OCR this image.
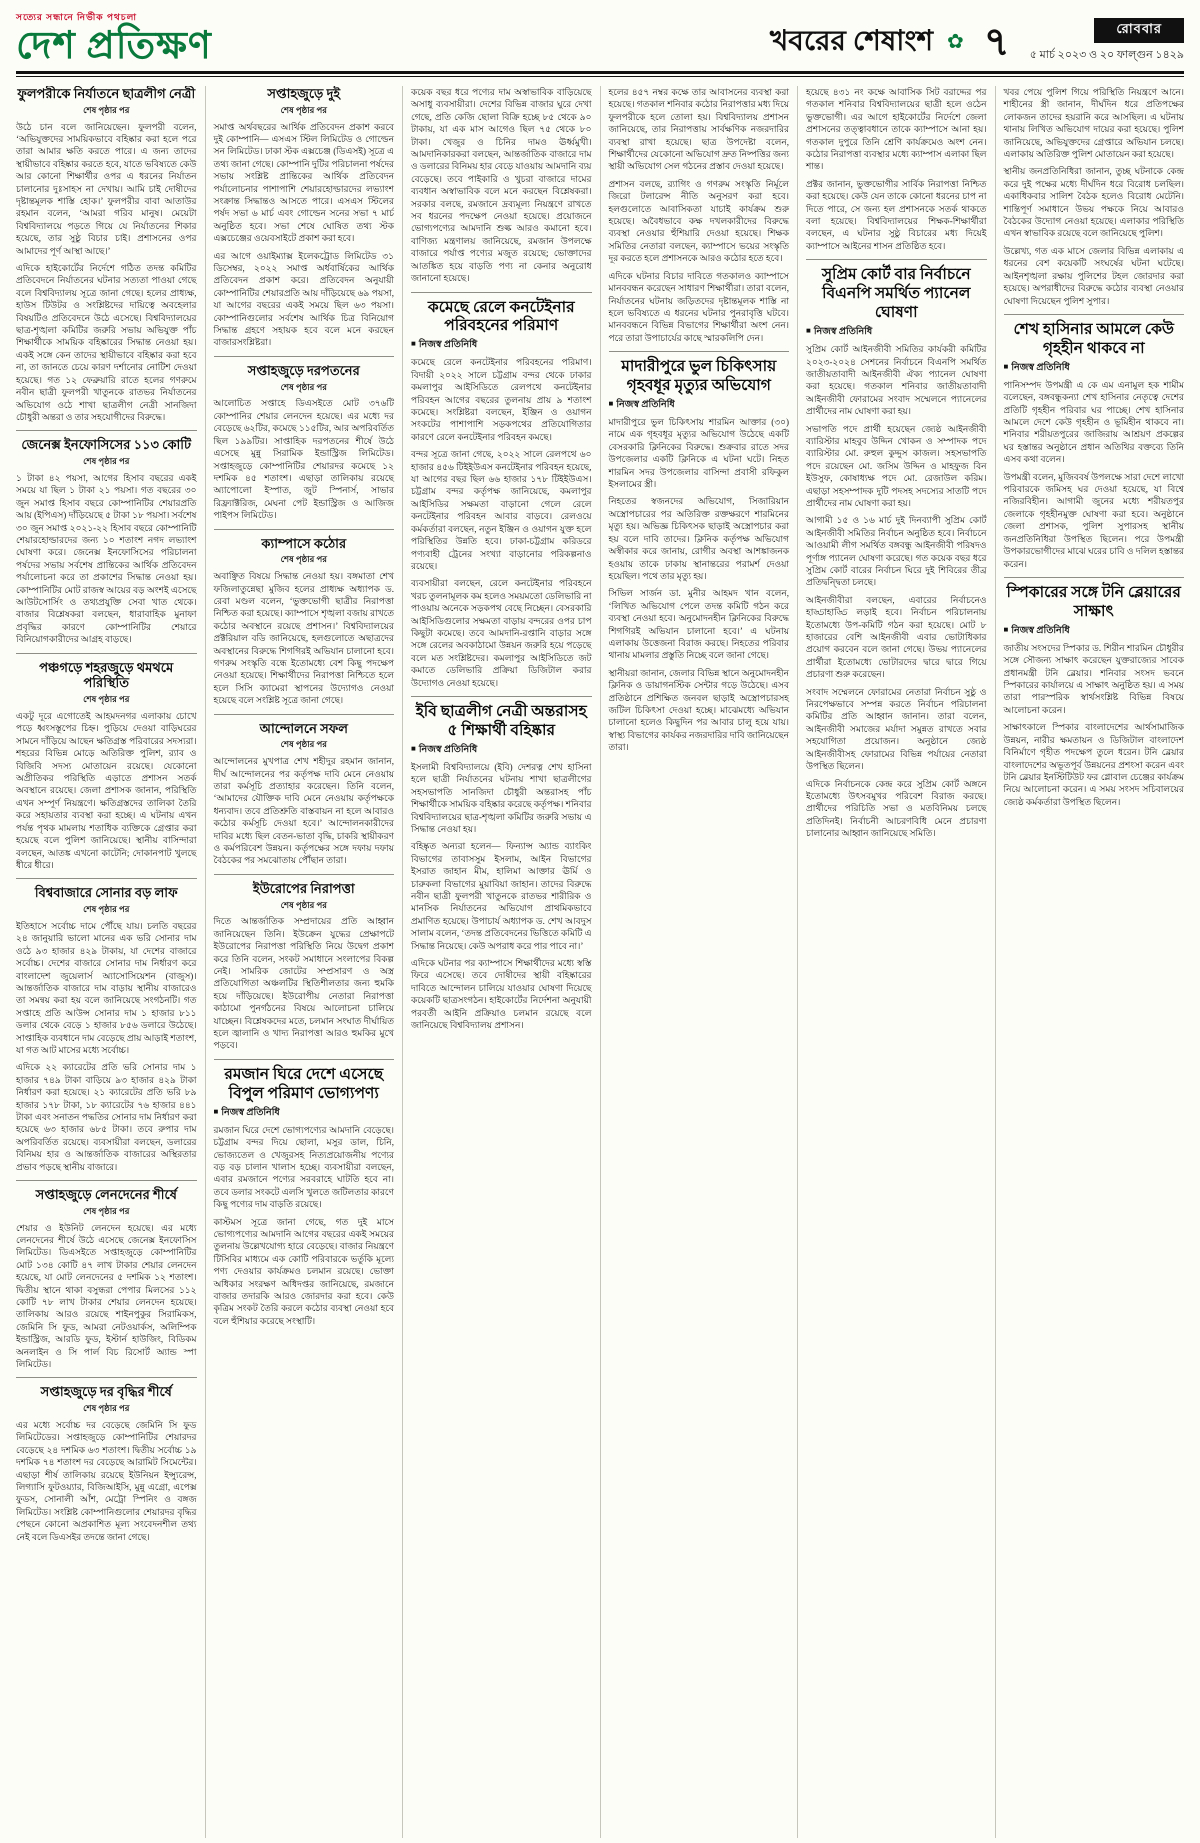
সত্যের সন্ধানে নির্ভীক পথচলা
দেশ প্রতিক্ষণ	খবরের শেষাংশ ✿ ৭	রোববার
৫ মার্চ ২০২৩ ও ২০ ফাল্গুন ১৪২৯
ফুলপরীকে নির্যাতনে ছাত্রলীগ নেত্রী
শেষ পৃষ্ঠার পর

উঠে চান বলে জানিয়েছেন। ফুলপরী বলেন, ‘অভিযুক্তদের সাময়িকভাবে বহিষ্কার করা হলে পরে তারা আমার ক্ষতি করতে পারে। এ জন্য তাদের স্থায়ীভাবে বহিষ্কার করতে হবে, যাতে ভবিষ্যতে কেউ আর কোনো শিক্ষার্থীর ওপর এ ধরনের নির্যাতন চালানোর দুঃসাহস না দেখায়। আমি চাই দোষীদের দৃষ্টান্তমূলক শাস্তি হোক।’ ফুলপরীর বাবা আতাউর রহমান বলেন, ‘আমরা গরিব মানুষ। মেয়েটা বিশ্ববিদ্যালয়ে পড়তে গিয়ে যে নির্যাতনের শিকার হয়েছে, তার সুষ্ঠু বিচার চাই। প্রশাসনের ওপর আমাদের পূর্ণ আস্থা আছে।’

এদিকে হাইকোর্টের নির্দেশে গঠিত তদন্ত কমিটির প্রতিবেদনে নির্যাতনের ঘটনার সত্যতা পাওয়া গেছে বলে বিশ্ববিদ্যালয় সূত্রে জানা গেছে। হলের প্রাধ্যক্ষ, হাউস টিউটর ও সংশ্লিষ্টদের দায়িত্বে অবহেলার বিষয়টিও প্রতিবেদনে উঠে এসেছে। বিশ্ববিদ্যালয়ের ছাত্র-শৃঙ্খলা কমিটির জরুরি সভায় অভিযুক্ত পাঁচ শিক্ষার্থীকে সাময়িক বহিষ্কারের সিদ্ধান্ত নেওয়া হয়। একই সঙ্গে কেন তাদের স্থায়ীভাবে বহিষ্কার করা হবে না, তা জানতে চেয়ে কারণ দর্শানোর নোটিশ দেওয়া হয়েছে। গত ১২ ফেব্রুয়ারি রাতে হলের গণরুমে নবীন ছাত্রী ফুলপরী খাতুনকে রাতভর নির্যাতনের অভিযোগ ওঠে শাখা ছাত্রলীগ নেত্রী সানজিদা চৌধুরী অন্তরা ও তার সহযোগীদের বিরুদ্ধে।

জেনেক্স ইনফোসিসের ১১৩ কোটি
শেষ পৃষ্ঠার পর

১ টাকা ৪২ পয়সা, আগের হিসাব বছরের একই সময়ে যা ছিল ১ টাকা ২১ পয়সা। গত বছরের ৩০ জুন সমাপ্ত হিসাব বছরে কোম্পানিটির শেয়ারপ্রতি আয় (ইপিএস) দাঁড়িয়েছে ৫ টাকা ১৮ পয়সা। সর্বশেষ ৩০ জুন সমাপ্ত ২০২১-২২ হিসাব বছরে কোম্পানিটি শেয়ারহোল্ডারদের জন্য ১০ শতাংশ নগদ লভ্যাংশ ঘোষণা করে। জেনেক্স ইনফোসিসের পরিচালনা পর্ষদের সভায় সর্বশেষ প্রান্তিকের আর্থিক প্রতিবেদন পর্যালোচনা করে তা প্রকাশের সিদ্ধান্ত নেওয়া হয়। কোম্পানিটির মোট রাজস্ব আয়ের বড় অংশই এসেছে আউটসোর্সিং ও তথ্যপ্রযুক্তি সেবা খাত থেকে। বাজার বিশ্লেষকরা বলছেন, ধারাবাহিক মুনাফা প্রবৃদ্ধির কারণে কোম্পানিটির শেয়ারে বিনিয়োগকারীদের আগ্রহ বাড়ছে।

পঞ্চগড়ে শহরজুড়ে থমথমে পরিস্থিতি
শেষ পৃষ্ঠার পর

একটু দূরে এগোতেই আহমদনগর এলাকায় চোখে পড়ে ধ্বংসস্তূপের চিহ্ন। পুড়িয়ে দেওয়া বাড়িঘরের সামনে দাঁড়িয়ে আছেন ক্ষতিগ্রস্ত পরিবারের সদস্যরা। শহরের বিভিন্ন মোড়ে অতিরিক্ত পুলিশ, র‍্যাব ও বিজিবি সদস্য মোতায়েন রয়েছে। যেকোনো অপ্রীতিকর পরিস্থিতি এড়াতে প্রশাসন সতর্ক অবস্থানে রয়েছে। জেলা প্রশাসক জানান, পরিস্থিতি এখন সম্পূর্ণ নিয়ন্ত্রণে। ক্ষতিগ্রস্তদের তালিকা তৈরি করে সহায়তার ব্যবস্থা করা হচ্ছে। এ ঘটনায় এখন পর্যন্ত পৃথক মামলায় শতাধিক ব্যক্তিকে গ্রেপ্তার করা হয়েছে বলে পুলিশ জানিয়েছে। স্থানীয় বাসিন্দারা বলছেন, আতঙ্ক এখনো কাটেনি; দোকানপাট খুলছে ধীরে ধীরে।

বিশ্ববাজারে সোনার বড় লাফ
শেষ পৃষ্ঠার পর

ইতিহাসে সর্বোচ্চ দামে পৌঁছে যায়। চলতি বছরের ২৪ জানুয়ারি ভালো মানের এক ভরি সোনার দাম ওঠে ৯৩ হাজার ৪২৯ টাকায়, যা দেশের বাজারে সর্বোচ্চ। দেশের বাজারে সোনার দাম নির্ধারণ করে বাংলাদেশ জুয়েলার্স অ্যাসোসিয়েশন (বাজুস)। আন্তর্জাতিক বাজারে দাম বাড়ায় স্থানীয় বাজারেও তা সমন্বয় করা হয় বলে জানিয়েছে সংগঠনটি। গত সপ্তাহে প্রতি আউন্স সোনার দাম ১ হাজার ৮১১ ডলার থেকে বেড়ে ১ হাজার ৮৫৬ ডলারে উঠেছে। সাপ্তাহিক ব্যবধানে দাম বেড়েছে প্রায় আড়াই শতাংশ, যা গত আট মাসের মধ্যে সর্বোচ্চ।

এদিকে ২২ ক্যারেটের প্রতি ভরি সোনার দাম ১ হাজার ৭৪৯ টাকা বাড়িয়ে ৯৩ হাজার ৪২৯ টাকা নির্ধারণ করা হয়েছে। ২১ ক্যারেটের প্রতি ভরি ৮৯ হাজার ১৭৮ টাকা, ১৮ ক্যারেটের ৭৬ হাজার ৪৪১ টাকা এবং সনাতন পদ্ধতির সোনার দাম নির্ধারণ করা হয়েছে ৬৩ হাজার ৬৮৫ টাকা। তবে রুপার দাম অপরিবর্তিত রয়েছে। ব্যবসায়ীরা বলছেন, ডলারের বিনিময় হার ও আন্তর্জাতিক বাজারের অস্থিরতার প্রভাব পড়ছে স্থানীয় বাজারে।

সপ্তাহজুড়ে লেনদেনের শীর্ষে
শেষ পৃষ্ঠার পর

শেয়ার ও ইউনিট লেনদেন হয়েছে। এর মধ্যে লেনদেনের শীর্ষে উঠে এসেছে জেনেক্স ইনফোসিস লিমিটেড। ডিএসইতে সপ্তাহজুড়ে কোম্পানিটির মোট ১৩৪ কোটি ৪৭ লাখ টাকার শেয়ার লেনদেন হয়েছে, যা মোট লেনদেনের ৫ দশমিক ১২ শতাংশ। দ্বিতীয় স্থানে থাকা বসুন্ধরা পেপার মিলসের ১১২ কোটি ৭৮ লাখ টাকার শেয়ার লেনদেন হয়েছে। তালিকায় আরও রয়েছে শাইনপুকুর সিরামিকস, জেমিনি সি ফুড, আমরা নেটওয়ার্কস, অলিম্পিক ইন্ডাস্ট্রিজ, আরডি ফুড, ইস্টার্ন হাউজিং, বিডিকম অনলাইন ও সি পার্ল বিচ রিসোর্ট অ্যান্ড স্পা লিমিটেড।

সপ্তাহজুড়ে দর বৃদ্ধির শীর্ষে
শেষ পৃষ্ঠার পর

এর মধ্যে সর্বোচ্চ দর বেড়েছে জেমিনি সি ফুড লিমিটেডের। সপ্তাহজুড়ে কোম্পানিটির শেয়ারদর বেড়েছে ২৪ দশমিক ৬৩ শতাংশ। দ্বিতীয় সর্বোচ্চ ১৯ দশমিক ৭৪ শতাংশ দর বেড়েছে আরামিট সিমেন্টের। এছাড়া শীর্ষ তালিকায় রয়েছে ইউনিয়ন ইন্স্যুরেন্স, লিগ্যাসি ফুটওয়্যার, বিজিআইসি, মুন্নু এগ্রো, এপেক্স ফুডস, সোনালী আঁশ, মেট্রো স্পিনিং ও বঙ্গজ লিমিটেড। সংশ্লিষ্ট কোম্পানিগুলোর শেয়ারদর বৃদ্ধির পেছনে কোনো অপ্রকাশিত মূল্য সংবেদনশীল তথ্য নেই বলে ডিএসইর তদন্তে জানা গেছে।

সপ্তাহজুড়ে দুই
শেষ পৃষ্ঠার পর

সমাপ্ত অর্থবছরের আর্থিক প্রতিবেদন প্রকাশ করবে দুই কোম্পানি— এসএস স্টিল লিমিটেড ও গোল্ডেন সন লিমিটেড। ঢাকা স্টক এক্সচেঞ্জ (ডিএসই) সূত্রে এ তথ্য জানা গেছে। কোম্পানি দুটির পরিচালনা পর্ষদের সভায় সংশ্লিষ্ট প্রান্তিকের আর্থিক প্রতিবেদন পর্যালোচনার পাশাপাশি শেয়ারহোল্ডারদের লভ্যাংশ সংক্রান্ত সিদ্ধান্তও আসতে পারে। এসএস স্টিলের পর্ষদ সভা ৬ মার্চ এবং গোল্ডেন সনের সভা ৭ মার্চ অনুষ্ঠিত হবে। সভা শেষে ঘোষিত তথ্য স্টক এক্সচেঞ্জের ওয়েবসাইটে প্রকাশ করা হবে।

এর আগে ওয়াইম্যাক্স ইলেকট্রোড লিমিটেড ৩১ ডিসেম্বর, ২০২২ সমাপ্ত অর্ধবার্ষিকের আর্থিক প্রতিবেদন প্রকাশ করে। প্রতিবেদন অনুযায়ী কোম্পানিটির শেয়ারপ্রতি আয় দাঁড়িয়েছে ৬৯ পয়সা, যা আগের বছরের একই সময়ে ছিল ৬৩ পয়সা। কোম্পানিগুলোর সর্বশেষ আর্থিক চিত্র বিনিয়োগ সিদ্ধান্ত গ্রহণে সহায়ক হবে বলে মনে করছেন বাজারসংশ্লিষ্টরা।

সপ্তাহজুড়ে দরপতনের
শেষ পৃষ্ঠার পর

আলোচিত সপ্তাহে ডিএসইতে মোট ৩৭৬টি কোম্পানির শেয়ার লেনদেন হয়েছে। এর মধ্যে দর বেড়েছে ৬২টির, কমেছে ১১৫টির, আর অপরিবর্তিত ছিল ১৯৯টির। সাপ্তাহিক দরপতনের শীর্ষে উঠে এসেছে মুন্নু সিরামিক ইন্ডাস্ট্রিজ লিমিটেড। সপ্তাহজুড়ে কোম্পানিটির শেয়ারদর কমেছে ১২ দশমিক ৪৫ শতাংশ। এছাড়া তালিকায় রয়েছে অ্যাপোলো ইস্পাত, জুট স্পিনার্স, সাভার রিফ্র্যাক্টরিজ, মেঘনা পেট ইন্ডাস্ট্রিজ ও আজিজ পাইপস লিমিটেড।

ক্যাম্পাসে কঠোর
শেষ পৃষ্ঠার পর

অবাঞ্ছিত বিষয়ে সিদ্ধান্ত নেওয়া হয়। বঙ্গমাতা শেখ ফজিলাতুন্নেছা মুজিব হলের প্রাধ্যক্ষ অধ্যাপক ড. রেবা মণ্ডল বলেন, ‘ভুক্তভোগী ছাত্রীর নিরাপত্তা নিশ্চিত করা হয়েছে। ক্যাম্পাসে শৃঙ্খলা বজায় রাখতে কঠোর অবস্থানে রয়েছে প্রশাসন।’ বিশ্ববিদ্যালয়ের প্রক্টরিয়াল বডি জানিয়েছে, হলগুলোতে অছাত্রদের অবস্থানের বিরুদ্ধে শিগগিরই অভিযান চালানো হবে। গণরুম সংস্কৃতি বন্ধে ইতোমধ্যে বেশ কিছু পদক্ষেপ নেওয়া হয়েছে। শিক্ষার্থীদের নিরাপত্তা নিশ্চিতে হলে হলে সিসি ক্যামেরা স্থাপনের উদ্যোগও নেওয়া হয়েছে বলে সংশ্লিষ্ট সূত্রে জানা গেছে।

আন্দোলনে সফল
শেষ পৃষ্ঠার পর

আন্দোলনের মুখপাত্র শেখ শহীদুর রহমান জানান, দীর্ঘ আন্দোলনের পর কর্তৃপক্ষ দাবি মেনে নেওয়ায় তারা কর্মসূচি প্রত্যাহার করেছেন। তিনি বলেন, ‘আমাদের যৌক্তিক দাবি মেনে নেওয়ায় কর্তৃপক্ষকে ধন্যবাদ। তবে প্রতিশ্রুতি বাস্তবায়ন না হলে আবারও কঠোর কর্মসূচি দেওয়া হবে।’ আন্দোলনকারীদের দাবির মধ্যে ছিল বেতন-ভাতা বৃদ্ধি, চাকরি স্থায়ীকরণ ও কর্মপরিবেশ উন্নয়ন। কর্তৃপক্ষের সঙ্গে দফায় দফায় বৈঠকের পর সমঝোতায় পৌঁছান তারা।

ইউরোপের নিরাপত্তা
শেষ পৃষ্ঠার পর

দিতে আন্তর্জাতিক সম্প্রদায়ের প্রতি আহ্বান জানিয়েছেন তিনি। ইউক্রেন যুদ্ধের প্রেক্ষাপটে ইউরোপের নিরাপত্তা পরিস্থিতি নিয়ে উদ্বেগ প্রকাশ করে তিনি বলেন, সংকট সমাধানে সংলাপের বিকল্প নেই। সামরিক জোটের সম্প্রসারণ ও অস্ত্র প্রতিযোগিতা অঞ্চলটির স্থিতিশীলতার জন্য হুমকি হয়ে দাঁড়িয়েছে। ইউরোপীয় নেতারা নিরাপত্তা কাঠামো পুনর্গঠনের বিষয়ে আলোচনা চালিয়ে যাচ্ছেন। বিশ্লেষকদের মতে, চলমান সংঘাত দীর্ঘায়িত হলে জ্বালানি ও খাদ্য নিরাপত্তা আরও হুমকির মুখে পড়বে।

রমজান ঘিরে দেশে এসেছে বিপুল পরিমাণ ভোগ্যপণ্য
■ নিজস্ব প্রতিনিধি

রমজান ঘিরে দেশে ভোগ্যপণ্যের আমদানি বেড়েছে। চট্টগ্রাম বন্দর দিয়ে ছোলা, মসুর ডাল, চিনি, ভোজ্যতেল ও খেজুরসহ নিত্যপ্রয়োজনীয় পণ্যের বড় বড় চালান খালাস হচ্ছে। ব্যবসায়ীরা বলছেন, এবার রমজানে পণ্যের সরবরাহে ঘাটতি হবে না। তবে ডলার সংকটে এলসি খুলতে জটিলতার কারণে কিছু পণ্যের দাম বাড়তি রয়েছে।

কাস্টমস সূত্রে জানা গেছে, গত দুই মাসে ভোগ্যপণ্যের আমদানি আগের বছরের একই সময়ের তুলনায় উল্লেখযোগ্য হারে বেড়েছে। বাজার নিয়ন্ত্রণে টিসিবির মাধ্যমে এক কোটি পরিবারকে ভর্তুকি মূল্যে পণ্য দেওয়ার কার্যক্রমও চলমান রয়েছে। ভোক্তা অধিকার সংরক্ষণ অধিদপ্তর জানিয়েছে, রমজানে বাজার তদারকি আরও জোরদার করা হবে। কেউ কৃত্রিম সংকট তৈরি করলে কঠোর ব্যবস্থা নেওয়া হবে বলে হুঁশিয়ার করেছে সংস্থাটি।

কয়েক বছর ধরে পণ্যের দাম অস্বাভাবিক বাড়িয়েছে অসাধু ব্যবসায়ীরা। দেশের বিভিন্ন বাজার ঘুরে দেখা গেছে, প্রতি কেজি ছোলা বিক্রি হচ্ছে ৮৫ থেকে ৯০ টাকায়, যা এক মাস আগেও ছিল ৭৫ থেকে ৮০ টাকা। খেজুর ও চিনির দামও ঊর্ধ্বমুখী। আমদানিকারকরা বলছেন, আন্তর্জাতিক বাজারে দাম ও ডলারের বিনিময় হার বেড়ে যাওয়ায় আমদানি ব্যয় বেড়েছে। তবে পাইকারি ও খুচরা বাজারে দামের ব্যবধান অস্বাভাবিক বলে মনে করছেন বিশ্লেষকরা। সরকার বলছে, রমজানে দ্রব্যমূল্য নিয়ন্ত্রণে রাখতে সব ধরনের পদক্ষেপ নেওয়া হয়েছে। প্রয়োজনে ভোগ্যপণ্যের আমদানি শুল্ক আরও কমানো হবে। বাণিজ্য মন্ত্রণালয় জানিয়েছে, রমজান উপলক্ষে বাজারে পর্যাপ্ত পণ্যের মজুত রয়েছে; ভোক্তাদের আতঙ্কিত হয়ে বাড়তি পণ্য না কেনার অনুরোধ জানানো হয়েছে।

কমেছে রেলে কনটেইনার পরিবহনের পরিমাণ
■ নিজস্ব প্রতিনিধি

কমেছে রেলে কনটেইনার পরিবহনের পরিমাণ। বিদায়ী ২০২২ সালে চট্টগ্রাম বন্দর থেকে ঢাকার কমলাপুর আইসিডিতে রেলপথে কনটেইনার পরিবহন আগের বছরের তুলনায় প্রায় ৯ শতাংশ কমেছে। সংশ্লিষ্টরা বলছেন, ইঞ্জিন ও ওয়াগন সংকটের পাশাপাশি সড়কপথের প্রতিযোগিতার কারণে রেলে কনটেইনার পরিবহন কমছে।

বন্দর সূত্রে জানা গেছে, ২০২২ সালে রেলপথে ৬০ হাজার ৪৫৬ টিইইউএস কনটেইনার পরিবহন হয়েছে, যা আগের বছর ছিল ৬৬ হাজার ১৭৮ টিইইউএস। চট্টগ্রাম বন্দর কর্তৃপক্ষ জানিয়েছে, কমলাপুর আইসিডির সক্ষমতা বাড়ানো গেলে রেলে কনটেইনার পরিবহন আবার বাড়বে। রেলওয়ে কর্মকর্তারা বলছেন, নতুন ইঞ্জিন ও ওয়াগন যুক্ত হলে পরিস্থিতির উন্নতি হবে। ঢাকা-চট্টগ্রাম করিডরে পণ্যবাহী ট্রেনের সংখ্যা বাড়ানোর পরিকল্পনাও রয়েছে।

ব্যবসায়ীরা বলছেন, রেলে কনটেইনার পরিবহনে খরচ তুলনামূলক কম হলেও সময়মতো ডেলিভারি না পাওয়ায় অনেকে সড়কপথ বেছে নিচ্ছেন। বেসরকারি আইসিডিগুলোর সক্ষমতা বাড়ায় বন্দরের ওপর চাপ কিছুটা কমেছে। তবে আমদানি-রপ্তানি বাড়ার সঙ্গে সঙ্গে রেলের অবকাঠামো উন্নয়ন জরুরি হয়ে পড়েছে বলে মত সংশ্লিষ্টদের। কমলাপুর আইসিডিতে জট কমাতে ডেলিভারি প্রক্রিয়া ডিজিটাল করার উদ্যোগও নেওয়া হয়েছে।

ইবি ছাত্রলীগ নেত্রী অন্তরাসহ ৫ শিক্ষার্থী বহিষ্কার
■ নিজস্ব প্রতিনিধি

ইসলামী বিশ্ববিদ্যালয়ে (ইবি) দেশরত্ন শেখ হাসিনা হলে ছাত্রী নির্যাতনের ঘটনায় শাখা ছাত্রলীগের সহসভাপতি সানজিদা চৌধুরী অন্তরাসহ পাঁচ শিক্ষার্থীকে সাময়িক বহিষ্কার করেছে কর্তৃপক্ষ। শনিবার বিশ্ববিদ্যালয়ের ছাত্র-শৃঙ্খলা কমিটির জরুরি সভায় এ সিদ্ধান্ত নেওয়া হয়।

বহিষ্কৃত অন্যরা হলেন— ফিন্যান্স অ্যান্ড ব্যাংকিং বিভাগের তাবাসসুম ইসলাম, আইন বিভাগের ইসরাত জাহান মীম, হালিমা আক্তার ঊর্মি ও চারুকলা বিভাগের মুয়াবিয়া জাহান। তাদের বিরুদ্ধে নবীন ছাত্রী ফুলপরী খাতুনকে রাতভর শারীরিক ও মানসিক নির্যাতনের অভিযোগ প্রাথমিকভাবে প্রমাণিত হয়েছে। উপাচার্য অধ্যাপক ড. শেখ আবদুস সালাম বলেন, ‘তদন্ত প্রতিবেদনের ভিত্তিতে কমিটি এ সিদ্ধান্ত নিয়েছে। কেউ অপরাধ করে পার পাবে না।’

এদিকে ঘটনার পর ক্যাম্পাসে শিক্ষার্থীদের মধ্যে স্বস্তি ফিরে এসেছে। তবে দোষীদের স্থায়ী বহিষ্কারের দাবিতে আন্দোলন চালিয়ে যাওয়ার ঘোষণা দিয়েছে কয়েকটি ছাত্রসংগঠন। হাইকোর্টের নির্দেশনা অনুযায়ী পরবর্তী আইনি প্রক্রিয়াও চলমান রয়েছে বলে জানিয়েছে বিশ্ববিদ্যালয় প্রশাসন।

হলের ৪৫৭ নম্বর কক্ষে তার আবাসনের ব্যবস্থা করা হয়েছে। গতকাল শনিবার কঠোর নিরাপত্তার মধ্য দিয়ে ফুলপরীকে হলে তোলা হয়। বিশ্ববিদ্যালয় প্রশাসন জানিয়েছে, তার নিরাপত্তায় সার্বক্ষণিক নজরদারির ব্যবস্থা রাখা হয়েছে। ছাত্র উপদেষ্টা বলেন, শিক্ষার্থীদের যেকোনো অভিযোগ দ্রুত নিষ্পত্তির জন্য স্থায়ী অভিযোগ সেল গঠনের প্রস্তাব দেওয়া হয়েছে।

প্রশাসন বলছে, র‍্যাগিং ও গণরুম সংস্কৃতি নির্মূলে জিরো টলারেন্স নীতি অনুসরণ করা হবে। হলগুলোতে আবাসিকতা যাচাই কার্যক্রম শুরু হয়েছে। অবৈধভাবে কক্ষ দখলকারীদের বিরুদ্ধে ব্যবস্থা নেওয়ার হুঁশিয়ারি দেওয়া হয়েছে। শিক্ষক সমিতির নেতারা বলছেন, ক্যাম্পাসে ভয়ের সংস্কৃতি দূর করতে হলে প্রশাসনকে আরও কঠোর হতে হবে।

এদিকে ঘটনার বিচার দাবিতে গতকালও ক্যাম্পাসে মানববন্ধন করেছেন সাধারণ শিক্ষার্থীরা। তারা বলেন, নির্যাতনের ঘটনায় জড়িতদের দৃষ্টান্তমূলক শাস্তি না হলে ভবিষ্যতে এ ধরনের ঘটনার পুনরাবৃত্তি ঘটবে। মানববন্ধনে বিভিন্ন বিভাগের শিক্ষার্থীরা অংশ নেন। পরে তারা উপাচার্যের কাছে স্মারকলিপি দেন।

মাদারীপুরে ভুল চিকিৎসায় গৃহবধূর মৃত্যুর অভিযোগ
■ নিজস্ব প্রতিনিধি

মাদারীপুরে ভুল চিকিৎসায় শারমিন আক্তার (৩০) নামে এক গৃহবধূর মৃত্যুর অভিযোগ উঠেছে একটি বেসরকারি ক্লিনিকের বিরুদ্ধে। শুক্রবার রাতে সদর উপজেলার একটি ক্লিনিকে এ ঘটনা ঘটে। নিহত শারমিন সদর উপজেলার বাসিন্দা প্রবাসী রফিকুল ইসলামের স্ত্রী।

নিহতের স্বজনদের অভিযোগ, সিজারিয়ান অস্ত্রোপচারের পর অতিরিক্ত রক্তক্ষরণে শারমিনের মৃত্যু হয়। অভিজ্ঞ চিকিৎসক ছাড়াই অস্ত্রোপচার করা হয় বলে দাবি তাদের। ক্লিনিক কর্তৃপক্ষ অভিযোগ অস্বীকার করে জানায়, রোগীর অবস্থা আশঙ্কাজনক হওয়ায় তাকে ঢাকায় স্থানান্তরের পরামর্শ দেওয়া হয়েছিল। পথে তার মৃত্যু হয়।

সিভিল সার্জন ডা. মুনীর আহমদ খান বলেন, ‘লিখিত অভিযোগ পেলে তদন্ত কমিটি গঠন করে ব্যবস্থা নেওয়া হবে। অনুমোদনহীন ক্লিনিকের বিরুদ্ধে শিগগিরই অভিযান চালানো হবে।’ এ ঘটনায় এলাকায় উত্তেজনা বিরাজ করছে। নিহতের পরিবার থানায় মামলার প্রস্তুতি নিচ্ছে বলে জানা গেছে।

স্থানীয়রা জানান, জেলার বিভিন্ন স্থানে অনুমোদনহীন ক্লিনিক ও ডায়াগনস্টিক সেন্টার গড়ে উঠেছে। এসব প্রতিষ্ঠানে প্রশিক্ষিত জনবল ছাড়াই অস্ত্রোপচারসহ জটিল চিকিৎসা দেওয়া হচ্ছে। মাঝেমধ্যে অভিযান চালানো হলেও কিছুদিন পর আবার চালু হয়ে যায়। স্বাস্থ্য বিভাগের কার্যকর নজরদারির দাবি জানিয়েছেন তারা।

হয়েছে ৪৩১ নং কক্ষে আবাসিক সিট বরাদ্দের পর গতকাল শনিবার বিশ্ববিদ্যালয়ের ছাত্রী হলে ওঠেন ভুক্তভোগী। এর আগে হাইকোর্টের নির্দেশে জেলা প্রশাসনের তত্ত্বাবধানে তাকে ক্যাম্পাসে আনা হয়। গতকাল দুপুরে তিনি শ্রেণি কার্যক্রমেও অংশ নেন। কঠোর নিরাপত্তা ব্যবস্থার মধ্যে ক্যাম্পাস এলাকা ছিল শান্ত।

প্রক্টর জানান, ভুক্তভোগীর সার্বিক নিরাপত্তা নিশ্চিত করা হয়েছে। কেউ যেন তাকে কোনো ধরনের চাপ না দিতে পারে, সে জন্য হল প্রশাসনকে সতর্ক থাকতে বলা হয়েছে। বিশ্ববিদ্যালয়ের শিক্ষক-শিক্ষার্থীরা বলছেন, এ ঘটনার সুষ্ঠু বিচারের মধ্য দিয়েই ক্যাম্পাসে আইনের শাসন প্রতিষ্ঠিত হবে।

সুপ্রিম কোর্ট বার নির্বাচনে বিএনপি সমর্থিত প্যানেল ঘোষণা
■ নিজস্ব প্রতিনিধি

সুপ্রিম কোর্ট আইনজীবী সমিতির কার্যকরী কমিটির ২০২৩-২০২৪ সেশনের নির্বাচনে বিএনপি সমর্থিত জাতীয়তাবাদী আইনজীবী ঐক্য প্যানেল ঘোষণা করা হয়েছে। গতকাল শনিবার জাতীয়তাবাদী আইনজীবী ফোরামের সংবাদ সম্মেলনে প্যানেলের প্রার্থীদের নাম ঘোষণা করা হয়।

সভাপতি পদে প্রার্থী হয়েছেন জ্যেষ্ঠ আইনজীবী ব্যারিস্টার মাহবুব উদ্দিন খোকন ও সম্পাদক পদে ব্যারিস্টার মো. রুহুল কুদ্দুস কাজল। সহসভাপতি পদে রয়েছেন মো. জসিম উদ্দিন ও মাহফুজ বিন ইউসুফ, কোষাধ্যক্ষ পদে মো. রেজাউল করিম। এছাড়া সহসম্পাদক দুটি পদসহ সদস্যের সাতটি পদে প্রার্থীদের নাম ঘোষণা করা হয়।

আগামী ১৫ ও ১৬ মার্চ দুই দিনব্যাপী সুপ্রিম কোর্ট আইনজীবী সমিতির নির্বাচন অনুষ্ঠিত হবে। নির্বাচনে আওয়ামী লীগ সমর্থিত বঙ্গবন্ধু আইনজীবী পরিষদও পূর্ণাঙ্গ প্যানেল ঘোষণা করেছে। গত কয়েক বছর ধরে সুপ্রিম কোর্ট বারের নির্বাচন ঘিরে দুই শিবিরের তীব্র প্রতিদ্বন্দ্বিতা চলছে।

আইনজীবীরা বলছেন, এবারের নির্বাচনেও হাড্ডাহাড্ডি লড়াই হবে। নির্বাচন পরিচালনায় ইতোমধ্যে উপ-কমিটি গঠন করা হয়েছে। মোট ৮ হাজারের বেশি আইনজীবী এবার ভোটাধিকার প্রয়োগ করবেন বলে জানা গেছে। উভয় প্যানেলের প্রার্থীরা ইতোমধ্যে ভোটারদের দ্বারে দ্বারে গিয়ে প্রচারণা শুরু করেছেন।

সংবাদ সম্মেলনে ফোরামের নেতারা নির্বাচন সুষ্ঠু ও নিরপেক্ষভাবে সম্পন্ন করতে নির্বাচন পরিচালনা কমিটির প্রতি আহ্বান জানান। তারা বলেন, আইনজীবী সমাজের মর্যাদা সমুন্নত রাখতে সবার সহযোগিতা প্রয়োজন। অনুষ্ঠানে জ্যেষ্ঠ আইনজীবীসহ ফোরামের বিভিন্ন পর্যায়ের নেতারা উপস্থিত ছিলেন।

এদিকে নির্বাচনকে কেন্দ্র করে সুপ্রিম কোর্ট অঙ্গনে ইতোমধ্যে উৎসবমুখর পরিবেশ বিরাজ করছে। প্রার্থীদের পরিচিতি সভা ও মতবিনিময় চলছে প্রতিদিনই। নির্বাচনী আচরণবিধি মেনে প্রচারণা চালানোর আহ্বান জানিয়েছে সমিতি।

খবর পেয়ে পুলিশ গিয়ে পরিস্থিতি নিয়ন্ত্রণে আনে। শাহীনের স্ত্রী জানান, দীর্ঘদিন ধরে প্রতিপক্ষের লোকজন তাদের হয়রানি করে আসছিল। এ ঘটনায় থানায় লিখিত অভিযোগ দায়ের করা হয়েছে। পুলিশ জানিয়েছে, অভিযুক্তদের গ্রেপ্তারে অভিযান চলছে। এলাকায় অতিরিক্ত পুলিশ মোতায়েন করা হয়েছে।

স্থানীয় জনপ্রতিনিধিরা জানান, তুচ্ছ ঘটনাকে কেন্দ্র করে দুই পক্ষের মধ্যে দীর্ঘদিন ধরে বিরোধ চলছিল। একাধিকবার সালিশ বৈঠক হলেও বিরোধ মেটেনি। শান্তিপূর্ণ সমাধানে উভয় পক্ষকে নিয়ে আবারও বৈঠকের উদ্যোগ নেওয়া হয়েছে। এলাকার পরিস্থিতি এখন স্বাভাবিক রয়েছে বলে জানিয়েছে পুলিশ।

উল্লেখ্য, গত এক মাসে জেলার বিভিন্ন এলাকায় এ ধরনের বেশ কয়েকটি সংঘর্ষের ঘটনা ঘটেছে। আইনশৃঙ্খলা রক্ষায় পুলিশের টহল জোরদার করা হয়েছে। অপরাধীদের বিরুদ্ধে কঠোর ব্যবস্থা নেওয়ার ঘোষণা দিয়েছেন পুলিশ সুপার।

শেখ হাসিনার আমলে কেউ গৃহহীন থাকবে না
■ নিজস্ব প্রতিনিধি

পানিসম্পদ উপমন্ত্রী এ কে এম এনামুল হক শামীম বলেছেন, বঙ্গবন্ধুকন্যা শেখ হাসিনার নেতৃত্বে দেশের প্রতিটি গৃহহীন পরিবার ঘর পাচ্ছে। শেখ হাসিনার আমলে দেশে কেউ গৃহহীন ও ভূমিহীন থাকবে না। শনিবার শরীয়তপুরের জাজিরায় আশ্রয়ণ প্রকল্পের ঘর হস্তান্তর অনুষ্ঠানে প্রধান অতিথির বক্তব্যে তিনি এসব কথা বলেন।

উপমন্ত্রী বলেন, মুজিববর্ষ উপলক্ষে সারা দেশে লাখো পরিবারকে জমিসহ ঘর দেওয়া হয়েছে, যা বিশ্বে নজিরবিহীন। আগামী জুনের মধ্যে শরীয়তপুর জেলাকে গৃহহীনমুক্ত ঘোষণা করা হবে। অনুষ্ঠানে জেলা প্রশাসক, পুলিশ সুপারসহ স্থানীয় জনপ্রতিনিধিরা উপস্থিত ছিলেন। পরে উপমন্ত্রী উপকারভোগীদের মাঝে ঘরের চাবি ও দলিল হস্তান্তর করেন।

স্পিকারের সঙ্গে টনি ব্লেয়ারের সাক্ষাৎ
■ নিজস্ব প্রতিনিধি

জাতীয় সংসদের স্পিকার ড. শিরীন শারমিন চৌধুরীর সঙ্গে সৌজন্য সাক্ষাৎ করেছেন যুক্তরাজ্যের সাবেক প্রধানমন্ত্রী টনি ব্লেয়ার। শনিবার সংসদ ভবনে স্পিকারের কার্যালয়ে এ সাক্ষাৎ অনুষ্ঠিত হয়। এ সময় তারা পারস্পরিক স্বার্থসংশ্লিষ্ট বিভিন্ন বিষয়ে আলোচনা করেন।

সাক্ষাৎকালে স্পিকার বাংলাদেশের আর্থসামাজিক উন্নয়ন, নারীর ক্ষমতায়ন ও ডিজিটাল বাংলাদেশ বিনির্মাণে গৃহীত পদক্ষেপ তুলে ধরেন। টনি ব্লেয়ার বাংলাদেশের অভূতপূর্ব উন্নয়নের প্রশংসা করেন এবং টনি ব্লেয়ার ইনস্টিটিউট ফর গ্লোবাল চেঞ্জের কার্যক্রম নিয়ে আলোচনা করেন। এ সময় সংসদ সচিবালয়ের জ্যেষ্ঠ কর্মকর্তারা উপস্থিত ছিলেন।
